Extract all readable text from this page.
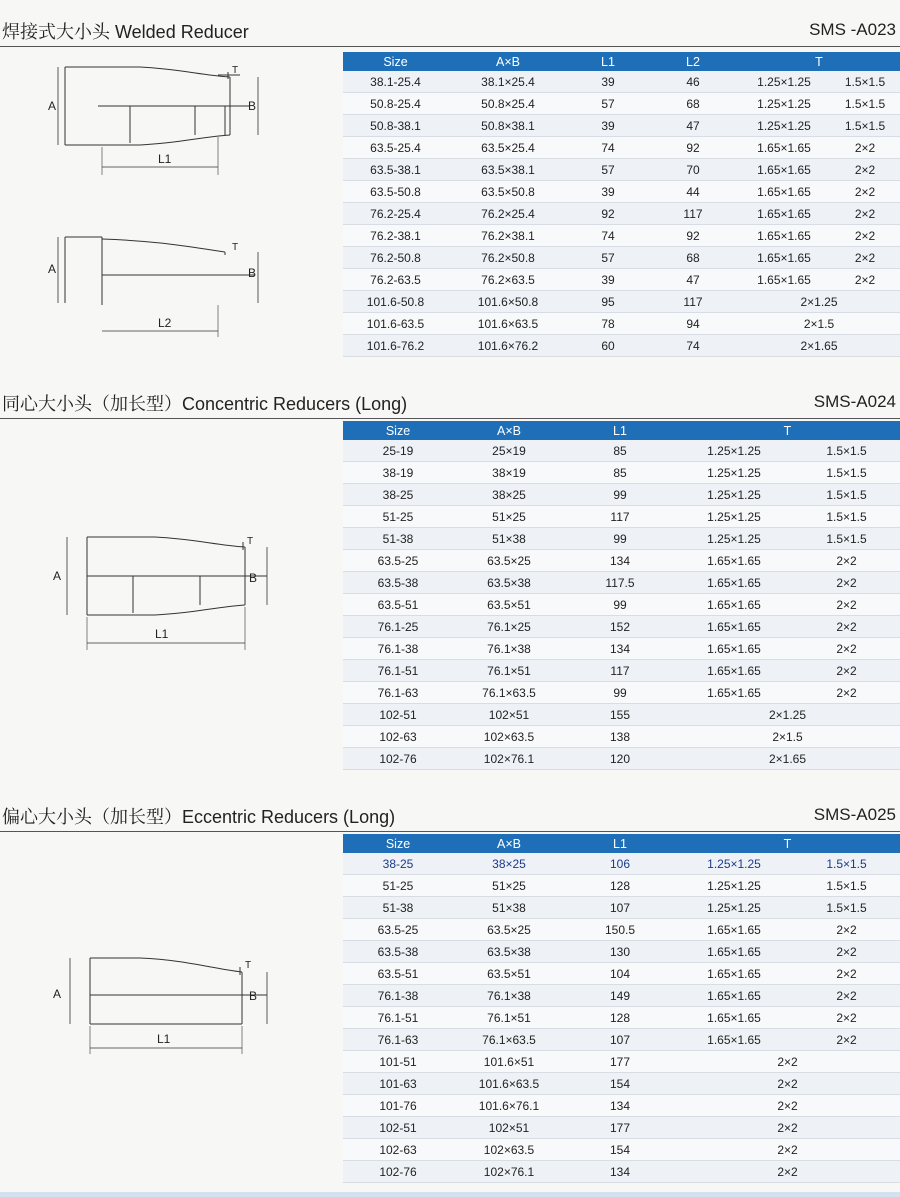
焊接式大小头 Welded Reducer	SMS -A023
A	B
T
L1
A	B
T
L2
Size	A×B	L1	L2	T	
38.1-25.4	38.1×25.4	39	46	1.25×1.25	1.5×1.5
50.8-25.4	50.8×25.4	57	68	1.25×1.25	1.5×1.5
50.8-38.1	50.8×38.1	39	47	1.25×1.25	1.5×1.5
63.5-25.4	63.5×25.4	74	92	1.65×1.65	2×2
63.5-38.1	63.5×38.1	57	70	1.65×1.65	2×2
63.5-50.8	63.5×50.8	39	44	1.65×1.65	2×2
76.2-25.4	76.2×25.4	92	117	1.65×1.65	2×2
76.2-38.1	76.2×38.1	74	92	1.65×1.65	2×2
76.2-50.8	76.2×50.8	57	68	1.65×1.65	2×2
76.2-63.5	76.2×63.5	39	47	1.65×1.65	2×2
101.6-50.8	101.6×50.8	95	117	2×1.25	
101.6-63.5	101.6×63.5	78	94	2×1.5	
101.6-76.2	101.6×76.2	60	74	2×1.65	
同心大小头（加长型）Concentric Reducers (Long)	SMS-A024
A	B
T
L1
Size	A×B	L1	T	
25-19	25×19	85	1.25×1.25	1.5×1.5
38-19	38×19	85	1.25×1.25	1.5×1.5
38-25	38×25	99	1.25×1.25	1.5×1.5
51-25	51×25	117	1.25×1.25	1.5×1.5
51-38	51×38	99	1.25×1.25	1.5×1.5
63.5-25	63.5×25	134	1.65×1.65	2×2
63.5-38	63.5×38	117.5	1.65×1.65	2×2
63.5-51	63.5×51	99	1.65×1.65	2×2
76.1-25	76.1×25	152	1.65×1.65	2×2
76.1-38	76.1×38	134	1.65×1.65	2×2
76.1-51	76.1×51	117	1.65×1.65	2×2
76.1-63	76.1×63.5	99	1.65×1.65	2×2
102-51	102×51	155	2×1.25	
102-63	102×63.5	138	2×1.5	
102-76	102×76.1	120	2×1.65	
偏心大小头（加长型）Eccentric Reducers (Long)	SMS-A025
A	B
T
L1
Size	A×B	L1	T	
38-25	38×25	106	1.25×1.25	1.5×1.5
51-25	51×25	128	1.25×1.25	1.5×1.5
51-38	51×38	107	1.25×1.25	1.5×1.5
63.5-25	63.5×25	150.5	1.65×1.65	2×2
63.5-38	63.5×38	130	1.65×1.65	2×2
63.5-51	63.5×51	104	1.65×1.65	2×2
76.1-38	76.1×38	149	1.65×1.65	2×2
76.1-51	76.1×51	128	1.65×1.65	2×2
76.1-63	76.1×63.5	107	1.65×1.65	2×2
101-51	101.6×51	177	2×2	
101-63	101.6×63.5	154	2×2	
101-76	101.6×76.1	134	2×2	
102-51	102×51	177	2×2	
102-63	102×63.5	154	2×2	
102-76	102×76.1	134	2×2	
